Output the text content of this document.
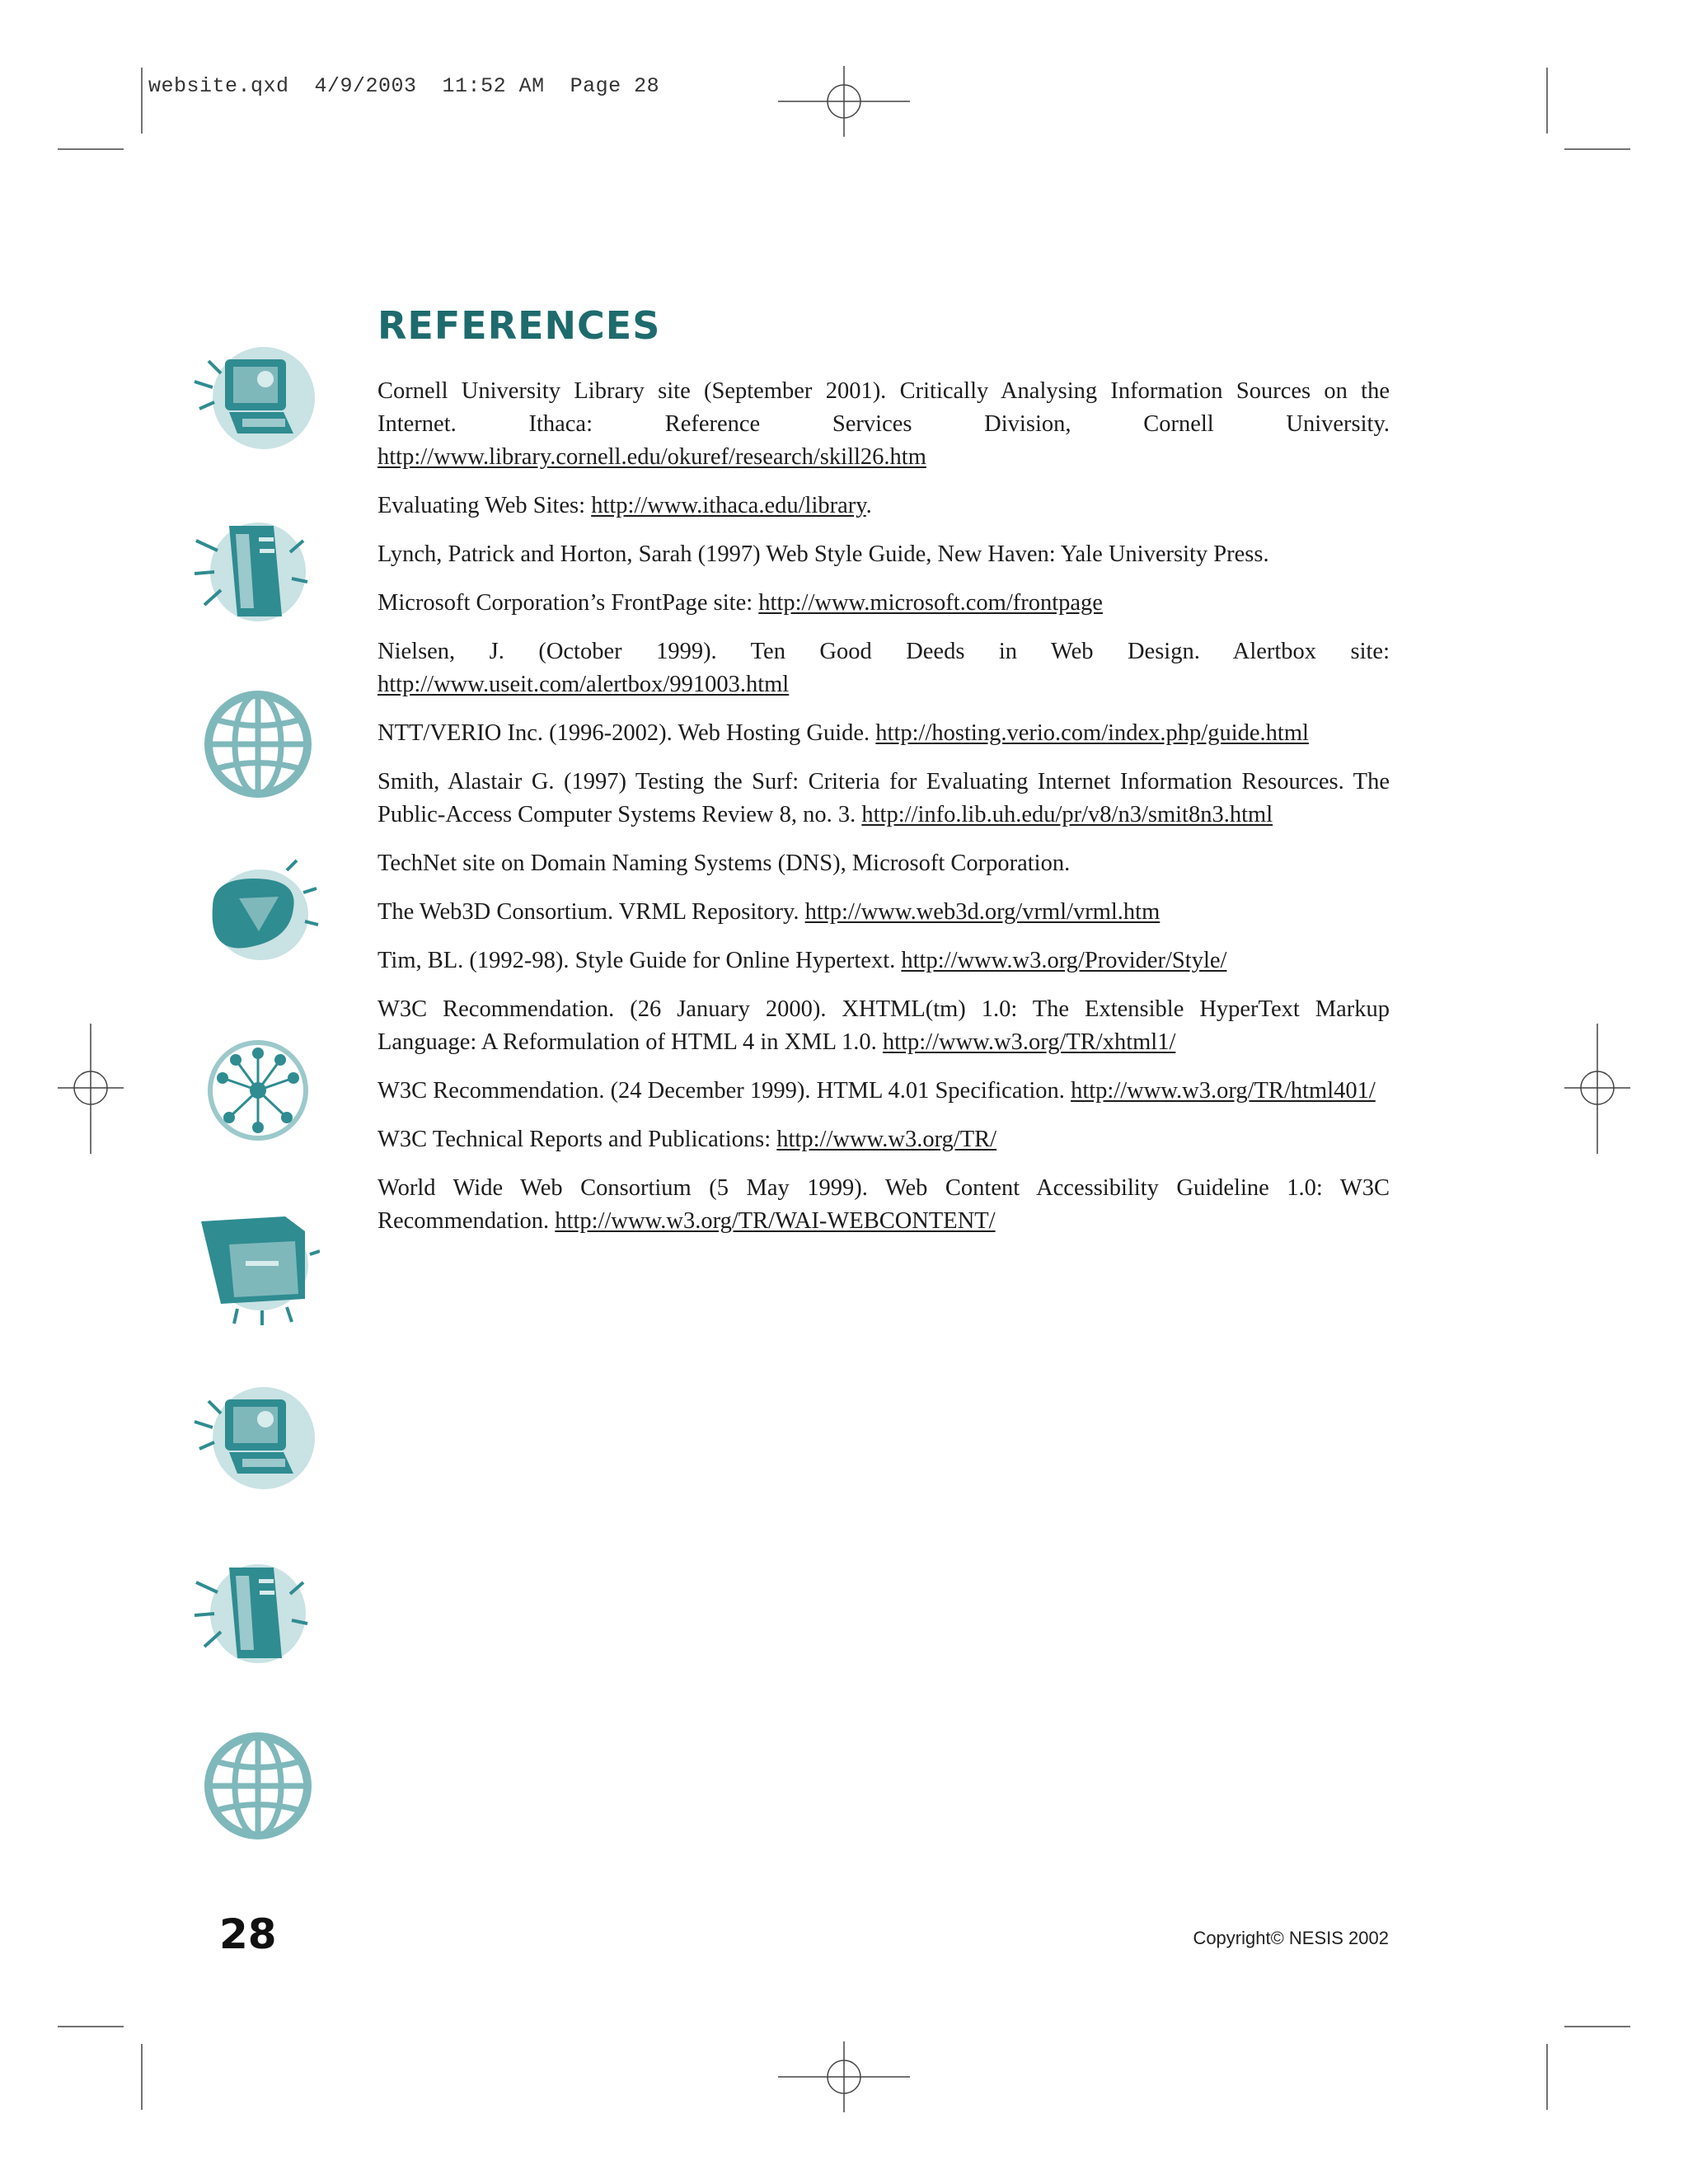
website.qxd  4/9/2003  11:52 AM  Page 28
REFERENCES

Cornell University Library site (September 2001). Critically Analysing Information Sources on the Internet. Ithaca: Reference Services Division, Cornell University. http://www.library.cornell.edu/okuref/research/skill26.htm

Evaluating Web Sites: http://www.ithaca.edu/library.

Lynch, Patrick and Horton, Sarah (1997) Web Style Guide, New Haven: Yale University Press.

Microsoft Corporation’s FrontPage site: http://www.microsoft.com/frontpage

Nielsen, J. (October 1999). Ten Good Deeds in Web Design. Alertbox site: http://www.useit.com/alertbox/991003.html

NTT/VERIO Inc. (1996-2002). Web Hosting Guide. http://hosting.verio.com/index.php/guide.html

Smith, Alastair G. (1997) Testing the Surf: Criteria for Evaluating Internet Information Resources. The Public-Access Computer Systems Review 8, no. 3. http://info.lib.uh.edu/pr/v8/n3/smit8n3.html

TechNet site on Domain Naming Systems (DNS), Microsoft Corporation.

The Web3D Consortium. VRML Repository. http://www.web3d.org/vrml/vrml.htm

Tim, BL. (1992-98). Style Guide for Online Hypertext. http://www.w3.org/Provider/Style/

W3C Recommendation. (26 January 2000). XHTML(tm) 1.0: The Extensible HyperText Markup Language: A Reformulation of HTML 4 in XML 1.0. http://www.w3.org/TR/xhtml1/

W3C Recommendation. (24 December 1999). HTML 4.01 Specification. http://www.w3.org/TR/html401/

W3C Technical Reports and Publications: http://www.w3.org/TR/

World Wide Web Consortium (5 May 1999). Web Content Accessibility Guideline 1.0: W3C Recommendation. http://www.w3.org/TR/WAI-WEBCONTENT/

28	Copyright© NESIS 2002
